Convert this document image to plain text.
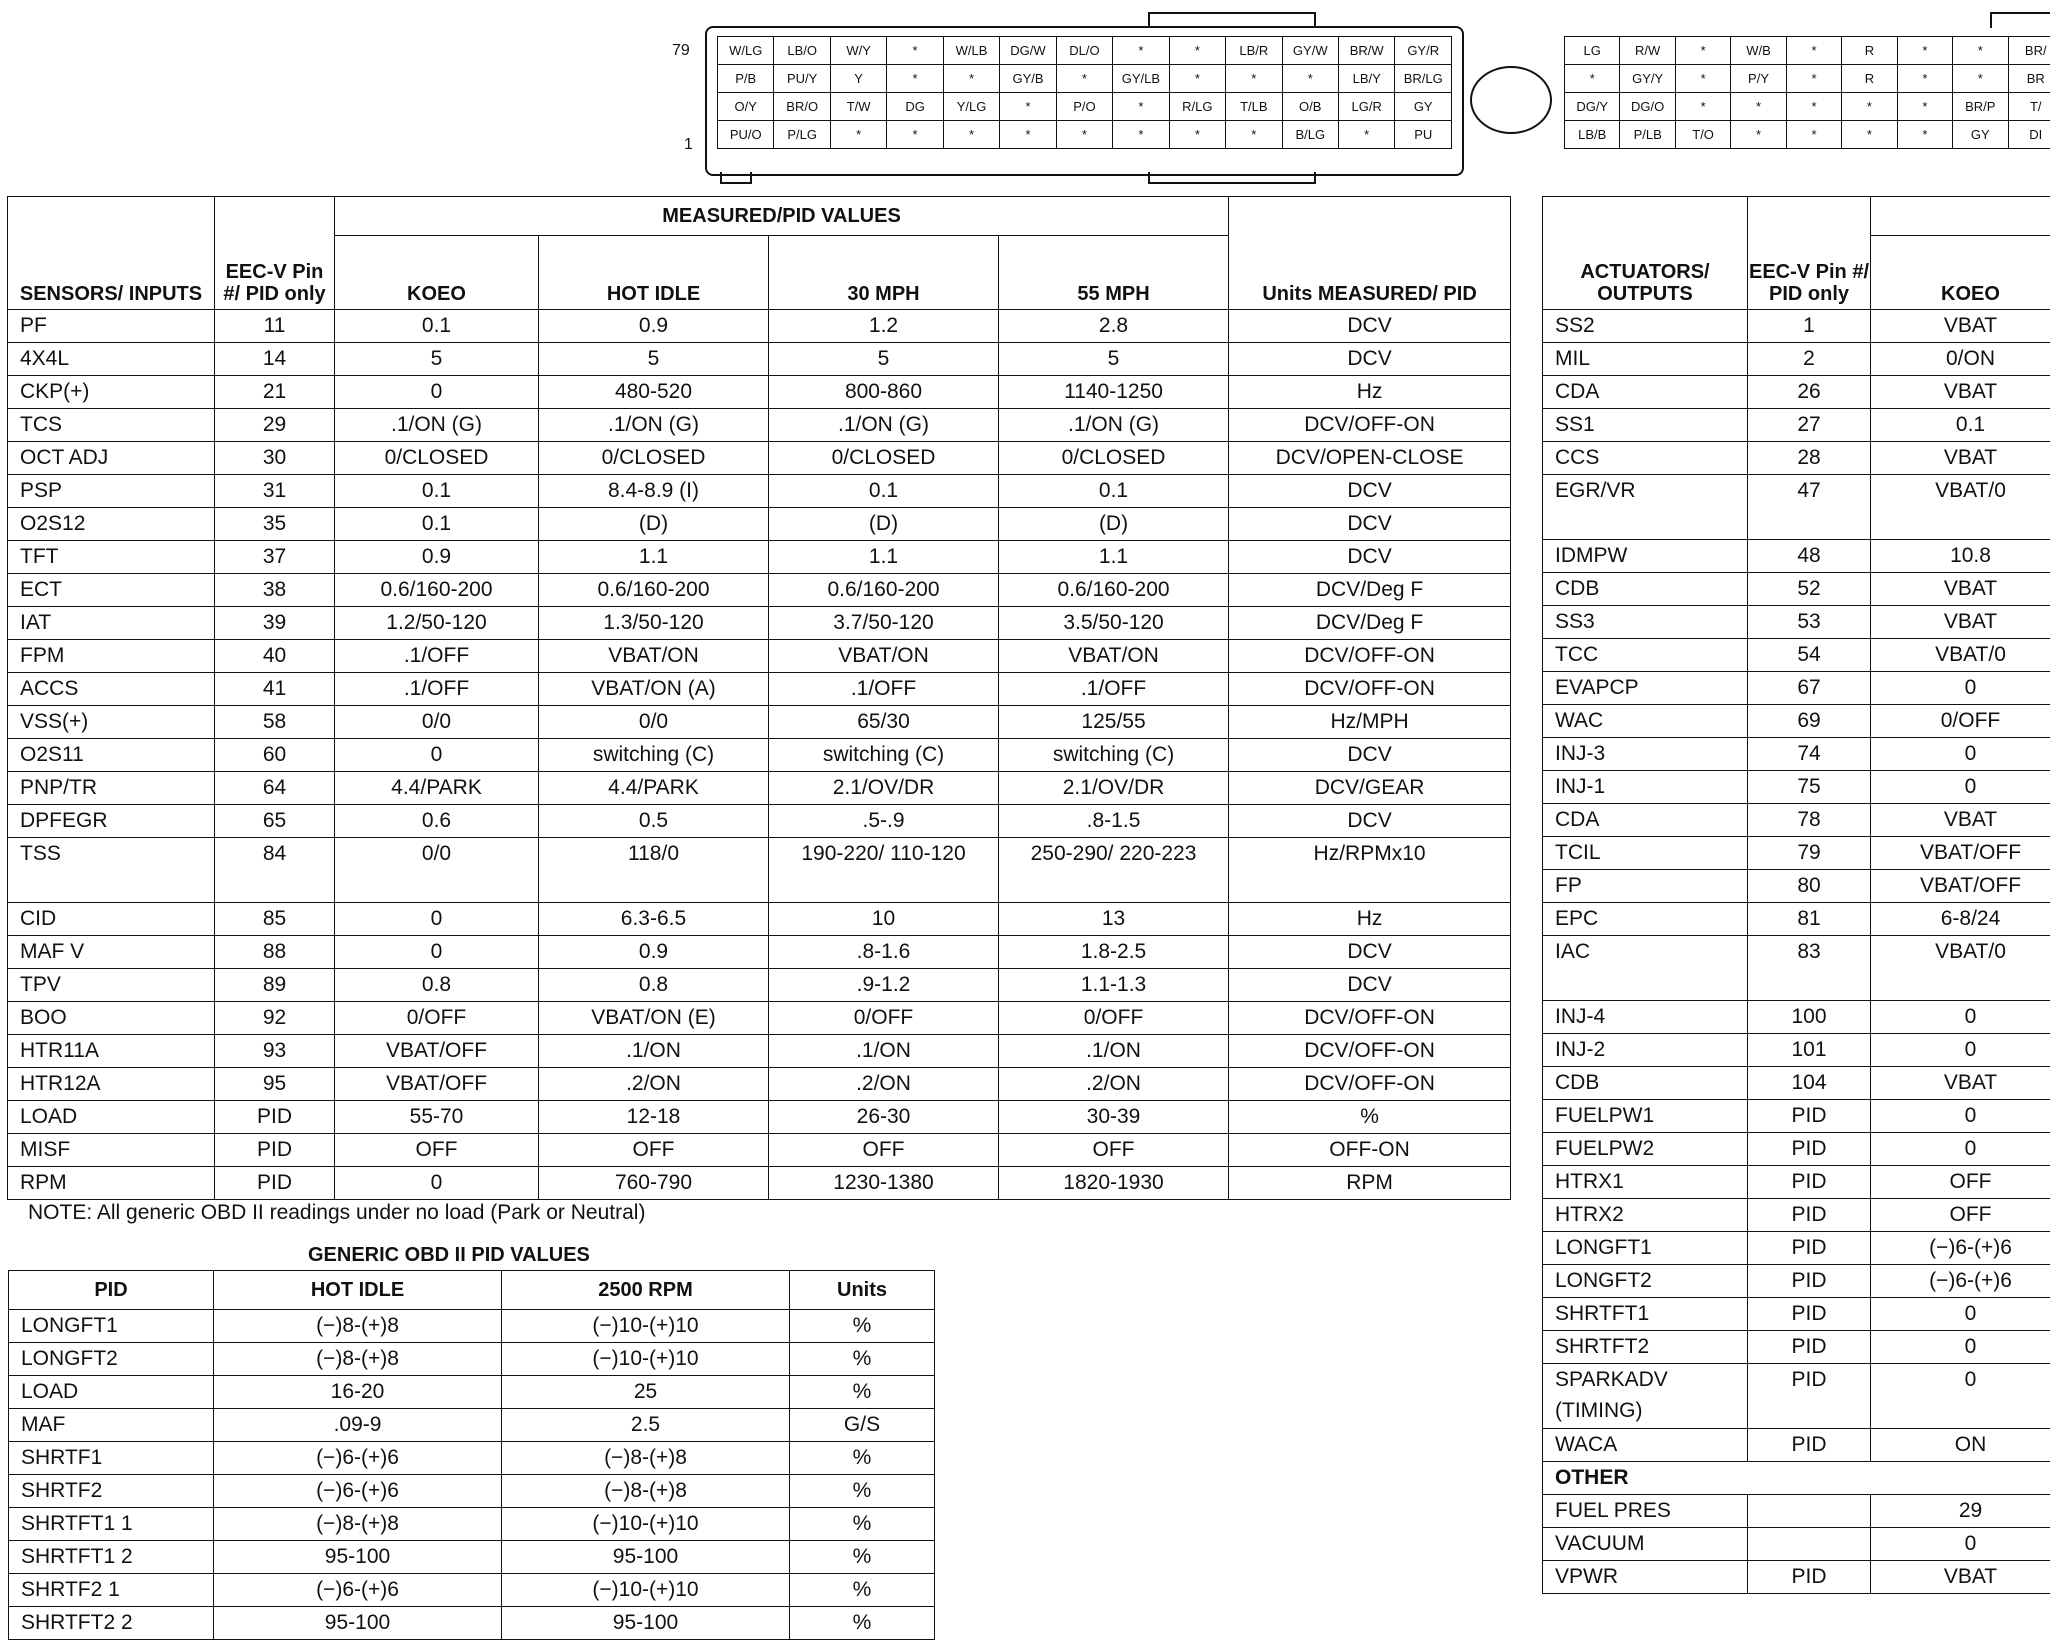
79
1
W/LG	LB/O	W/Y	*	W/LB	DG/W	DL/O	*	*	LB/R	GY/W	BR/W	GY/R
P/B	PU/Y	Y	*	*	GY/B	*	GY/LB	*	*	*	LB/Y	BR/LG
O/Y	BR/O	T/W	DG	Y/LG	*	P/O	*	R/LG	T/LB	O/B	LG/R	GY
PU/O	P/LG	*	*	*	*	*	*	*	*	B/LG	*	PU
LG	R/W	*	W/B	*	R	*	*	BR/
*	GY/Y	*	P/Y	*	R	*	*	BR
DG/Y	DG/O	*	*	*	*	*	BR/P	T/
LB/B	P/LB	T/O	*	*	*	*	GY	DI
SENSORS/ INPUTS	EEC-V Pin #/ PID only	MEASURED/PID VALUES				Units MEASURED/ PID
		KOEO	HOT IDLE	30 MPH	55 MPH	
PF	11	0.1	0.9	1.2	2.8	DCV
4X4L	14	5	5	5	5	DCV
CKP(+)	21	0	480-520	800-860	1140-1250	Hz
TCS	29	.1/ON (G)	.1/ON (G)	.1/ON (G)	.1/ON (G)	DCV/OFF-ON
OCT ADJ	30	0/CLOSED	0/CLOSED	0/CLOSED	0/CLOSED	DCV/OPEN-CLOSE
PSP	31	0.1	8.4-8.9 (I)	0.1	0.1	DCV
O2S12	35	0.1	(D)	(D)	(D)	DCV
TFT	37	0.9	1.1	1.1	1.1	DCV
ECT	38	0.6/160-200	0.6/160-200	0.6/160-200	0.6/160-200	DCV/Deg F
IAT	39	1.2/50-120	1.3/50-120	3.7/50-120	3.5/50-120	DCV/Deg F
FPM	40	.1/OFF	VBAT/ON	VBAT/ON	VBAT/ON	DCV/OFF-ON
ACCS	41	.1/OFF	VBAT/ON (A)	.1/OFF	.1/OFF	DCV/OFF-ON
VSS(+)	58	0/0	0/0	65/30	125/55	Hz/MPH
O2S11	60	0	switching (C)	switching (C)	switching (C)	DCV
PNP/TR	64	4.4/PARK	4.4/PARK	2.1/OV/DR	2.1/OV/DR	DCV/GEAR
DPFEGR	65	0.6	0.5	.5-.9	.8-1.5	DCV
TSS	84	0/0	118/0	190-220/ 110-120	250-290/ 220-223	Hz/RPMx10
CID	85	0	6.3-6.5	10	13	Hz
MAF V	88	0	0.9	.8-1.6	1.8-2.5	DCV
TPV	89	0.8	0.8	.9-1.2	1.1-1.3	DCV
BOO	92	0/OFF	VBAT/ON (E)	0/OFF	0/OFF	DCV/OFF-ON
HTR11A	93	VBAT/OFF	.1/ON	.1/ON	.1/ON	DCV/OFF-ON
HTR12A	95	VBAT/OFF	.2/ON	.2/ON	.2/ON	DCV/OFF-ON
LOAD	PID	55-70	12-18	26-30	30-39	%
MISF	PID	OFF	OFF	OFF	OFF	OFF-ON
RPM	PID	0	760-790	1230-1380	1820-1930	RPM
NOTE: All generic OBD II readings under no load (Park or Neutral)
GENERIC OBD II PID VALUES
PID	HOT IDLE	2500 RPM	Units
LONGFT1	(−)8-(+)8	(−)10-(+)10	%
LONGFT2	(−)8-(+)8	(−)10-(+)10	%
LOAD	16-20	25	%
MAF	.09-9	2.5	G/S
SHRTF1	(−)6-(+)6	(−)8-(+)8	%
SHRTF2	(−)6-(+)6	(−)8-(+)8	%
SHRTFT1 1	(−)8-(+)8	(−)10-(+)10	%
SHRTFT1 2	95-100	95-100	%
SHRTF2 1	(−)6-(+)6	(−)10-(+)10	%
SHRTFT2 2	95-100	95-100	%
ACTUATORS/ OUTPUTS	EEC-V Pin #/ PID only		
		KOEO	
SS2	1	VBAT	
MIL	2	0/ON	
CDA	26	VBAT	
SS1	27	0.1	
CCS	28	VBAT	
EGR/VR	47	VBAT/0	
IDMPW	48	10.8	
CDB	52	VBAT	
SS3	53	VBAT	
TCC	54	VBAT/0	
EVAPCP	67	0	
WAC	69	0/OFF	
INJ-3	74	0	
INJ-1	75	0	
CDA	78	VBAT	
TCIL	79	VBAT/OFF	
FP	80	VBAT/OFF	
EPC	81	6-8/24	
IAC	83	VBAT/0	
INJ-4	100	0	
INJ-2	101	0	
CDB	104	VBAT	
FUELPW1	PID	0	
FUELPW2	PID	0	
HTRX1	PID	OFF	
HTRX2	PID	OFF	
LONGFT1	PID	(−)6-(+)6	
LONGFT2	PID	(−)6-(+)6	
SHRTFT1	PID	0	
SHRTFT2	PID	0	
SPARKADV (TIMING)	PID	0	
WACA	PID	ON	
OTHER			
FUEL PRES		29	
VACUUM		0	
VPWR	PID	VBAT	
